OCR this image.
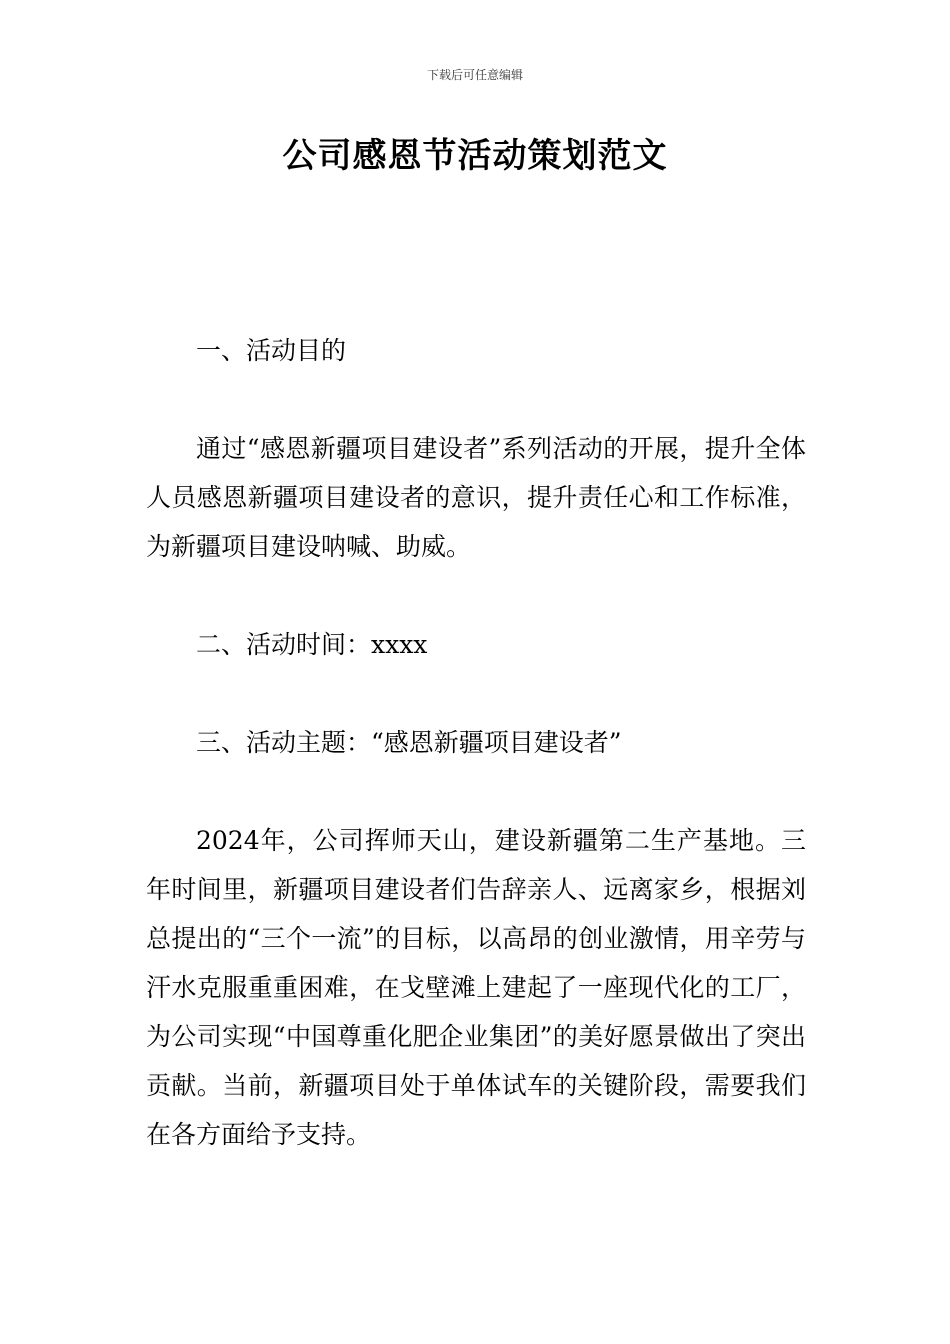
下载后可任意编辑
公司感恩节活动策划范文

一、活动目的

通过“感恩新疆项目建设者”系列活动的开展，提升全体人员感恩新疆项目建设者的意识，提升责任心和工作标准，为新疆项目建设呐喊、助威。

二、活动时间：xxxx

三、活动主题：“感恩新疆项目建设者”

2024年，公司挥师天山，建设新疆第二生产基地。三年时间里，新疆项目建设者们告辞亲人、远离家乡，根据刘总提出的“三个一流”的目标，以高昂的创业激情，用辛劳与汗水克服重重困难，在戈壁滩上建起了一座现代化的工厂，为公司实现“中国尊重化肥企业集团”的美好愿景做出了突出贡献。当前，新疆项目处于单体试车的关键阶段，需要我们在各方面给予支持。
